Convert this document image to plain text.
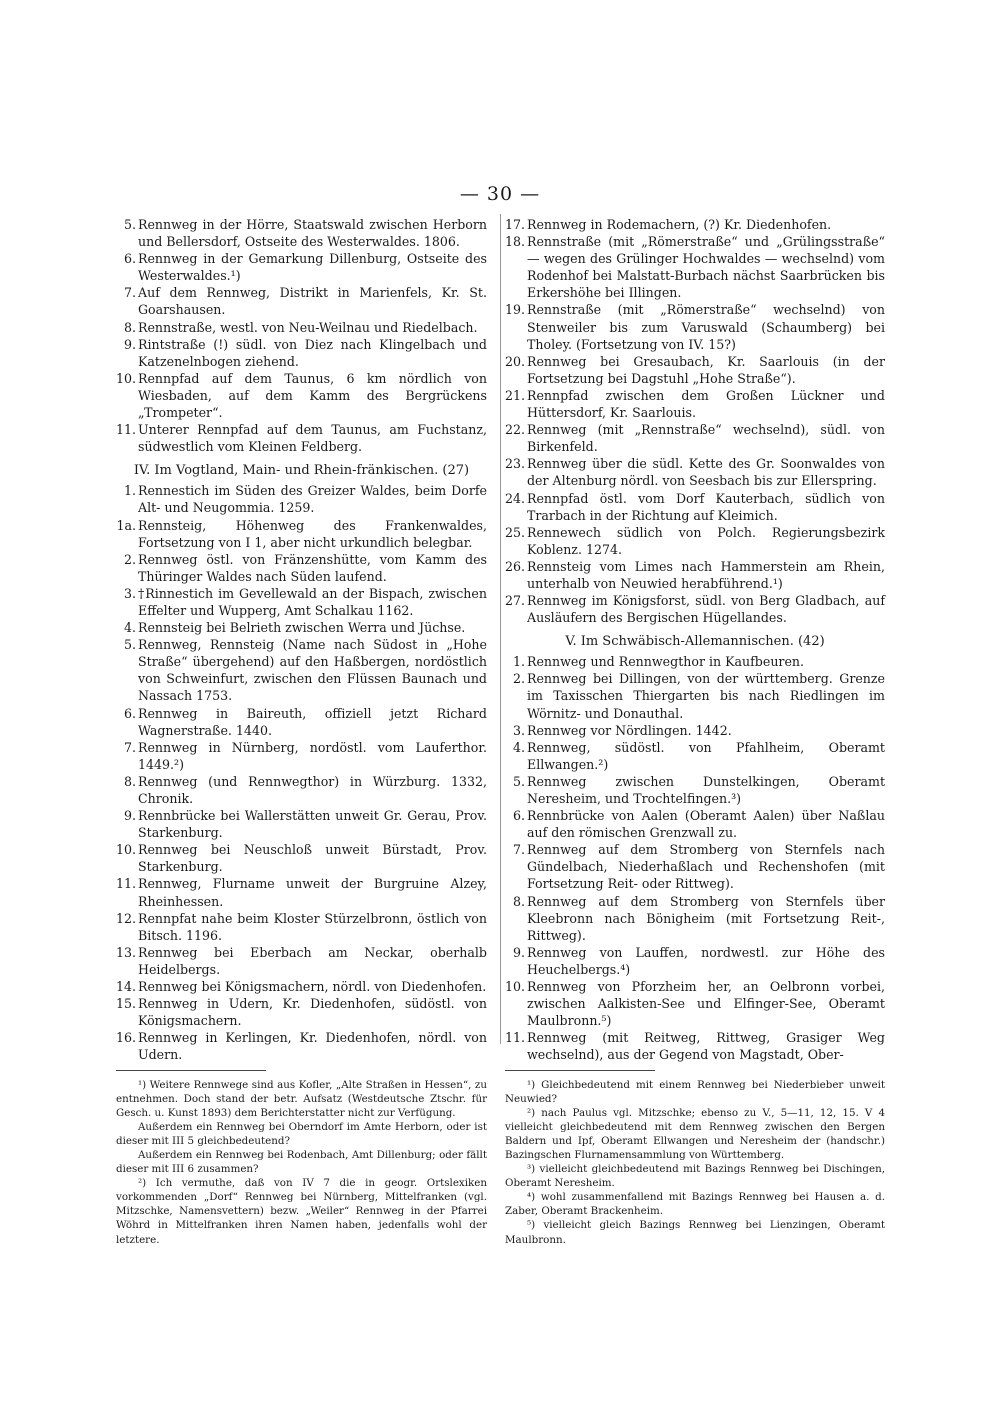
— 30 —
5. Rennweg in der Hörre, Staatswald zwischen Herborn und Bellersdorf, Ostseite des Westerwaldes. 1806.
6. Rennweg in der Gemarkung Dillenburg, Ostseite des Westerwaldes.¹)
7. Auf dem Rennweg, Distrikt in Marienfels, Kr. St. Goarshausen.
8. Rennstraße, westl. von Neu-Weilnau und Riedelbach.
9. Rintstraße (!) südl. von Diez nach Klingelbach und Katzenelnbogen ziehend.
10. Rennpfad auf dem Taunus, 6 km nördlich von Wiesbaden, auf dem Kamm des Bergrückens „Trompeter“.
11. Unterer Rennpfad auf dem Taunus, am Fuchstanz, südwestlich vom Kleinen Feldberg.
IV. Im Vogtland, Main- und Rhein-fränkischen. (27)
1. Rennestich im Süden des Greizer Waldes, beim Dorfe Alt- und Neugommia. 1259.
1a. Rennsteig, Höhenweg des Frankenwaldes, Fortsetzung von I 1, aber nicht urkundlich belegbar.
2. Rennweg östl. von Fränzenshütte, vom Kamm des Thüringer Waldes nach Süden laufend.
3. †Rinnestich im Gevellewald an der Bispach, zwischen Effelter und Wupperg, Amt Schalkau 1162.
4. Rennsteig bei Belrieth zwischen Werra und Jüchse.
5. Rennweg, Rennsteig (Name nach Südost in „Hohe Straße“ übergehend) auf den Haßbergen, nordöstlich von Schweinfurt, zwischen den Flüssen Baunach und Nassach 1753.
6. Rennweg in Baireuth, offiziell jetzt Richard Wagnerstraße. 1440.
7. Rennweg in Nürnberg, nordöstl. vom Lauferthor. 1449.²)
8. Rennweg (und Rennwegthor) in Würzburg. 1332, Chronik.
9. Rennbrücke bei Wallerstätten unweit Gr. Gerau, Prov. Starkenburg.
10. Rennweg bei Neuschloß unweit Bürstadt, Prov. Starkenburg.
11. Rennweg, Flurname unweit der Burgruine Alzey, Rheinhessen.
12. Rennpfat nahe beim Kloster Stürzelbronn, östlich von Bitsch. 1196.
13. Rennweg bei Eberbach am Neckar, oberhalb Heidelbergs.
14. Rennweg bei Königsmachern, nördl. von Diedenhofen.
15. Rennweg in Udern, Kr. Diedenhofen, südöstl. von Königsmachern.
16. Rennweg in Kerlingen, Kr. Diedenhofen, nördl. von Udern.

¹) Weitere Rennwege sind aus Kofler, „Alte Straßen in Hessen“, zu entnehmen. Doch stand der betr. Aufsatz (Westdeutsche Ztschr. für Gesch. u. Kunst 1893) dem Berichterstatter nicht zur Verfügung.

Außerdem ein Rennweg bei Oberndorf im Amte Herborn, oder ist dieser mit III 5 gleichbedeutend?

Außerdem ein Rennweg bei Rodenbach, Amt Dillenburg; oder fällt dieser mit III 6 zusammen?

²) Ich vermuthe, daß von IV 7 die in geogr. Ortslexiken vorkommenden „Dorf“ Rennweg bei Nürnberg, Mittelfranken (vgl. Mitzschke, Namensvettern) bezw. „Weiler“ Rennweg in der Pfarrei Wöhrd in Mittelfranken ihren Namen haben, jedenfalls wohl der letztere.

17. Rennweg in Rodemachern, (?) Kr. Diedenhofen.
18. Rennstraße (mit „Römerstraße“ und „Grülingsstraße“ — wegen des Grülinger Hochwaldes — wechselnd) vom Rodenhof bei Malstatt-Burbach nächst Saarbrücken bis Erkershöhe bei Illingen.
19. Rennstraße (mit „Römerstraße“ wechselnd) von Stenweiler bis zum Varuswald (Schaumberg) bei Tholey. (Fortsetzung von IV. 15?)
20. Rennweg bei Gresaubach, Kr. Saarlouis (in der Fortsetzung bei Dagstuhl „Hohe Straße“).
21. Rennpfad zwischen dem Großen Lückner und Hüttersdorf, Kr. Saarlouis.
22. Rennweg (mit „Rennstraße“ wechselnd), südl. von Birkenfeld.
23. Rennweg über die südl. Kette des Gr. Soonwaldes von der Altenburg nördl. von Seesbach bis zur Ellerspring.
24. Rennpfad östl. vom Dorf Kauterbach, südlich von Trarbach in der Richtung auf Kleimich.
25. Rennewech südlich von Polch. Regierungsbezirk Koblenz. 1274.
26. Rennsteig vom Limes nach Hammerstein am Rhein, unterhalb von Neuwied herabführend.¹)
27. Rennweg im Königsforst, südl. von Berg Gladbach, auf Ausläufern des Bergischen Hügellandes.
V. Im Schwäbisch-Allemannischen. (42)
1. Rennweg und Rennwegthor in Kaufbeuren.
2. Rennweg bei Dillingen, von der württemberg. Grenze im Taxisschen Thiergarten bis nach Riedlingen im Wörnitz- und Donauthal.
3. Rennweg vor Nördlingen. 1442.
4. Rennweg, südöstl. von Pfahlheim, Oberamt Ellwangen.²)
5. Rennweg zwischen Dunstelkingen, Oberamt Neresheim, und Trochtelfingen.³)
6. Rennbrücke von Aalen (Oberamt Aalen) über Naßlau auf den römischen Grenzwall zu.
7. Rennweg auf dem Stromberg von Sternfels nach Gündelbach, Niederhaßlach und Rechenshofen (mit Fortsetzung Reit- oder Rittweg).
8. Rennweg auf dem Stromberg von Sternfels über Kleebronn nach Bönigheim (mit Fortsetzung Reit-, Rittweg).
9. Rennweg von Lauffen, nordwestl. zur Höhe des Heuchelbergs.⁴)
10. Rennweg von Pforzheim her, an Oelbronn vorbei, zwischen Aalkisten-See und Elfinger-See, Oberamt Maulbronn.⁵)
11. Rennweg (mit Reitweg, Rittweg, Grasiger Weg wechselnd), aus der Gegend von Magstadt, Ober-

¹) Gleichbedeutend mit einem Rennweg bei Niederbieber unweit Neuwied?

²) nach Paulus vgl. Mitzschke; ebenso zu V., 5—11, 12, 15. V 4 vielleicht gleichbedeutend mit dem Rennweg zwischen den Bergen Baldern und Ipf, Oberamt Ellwangen und Neresheim der (handschr.) Bazingschen Flurnamensammlung von Württemberg.

³) vielleicht gleichbedeutend mit Bazings Rennweg bei Dischingen, Oberamt Neresheim.

⁴) wohl zusammenfallend mit Bazings Rennweg bei Hausen a. d. Zaber, Oberamt Brackenheim.

⁵) vielleicht gleich Bazings Rennweg bei Lienzingen, Oberamt Maulbronn.
